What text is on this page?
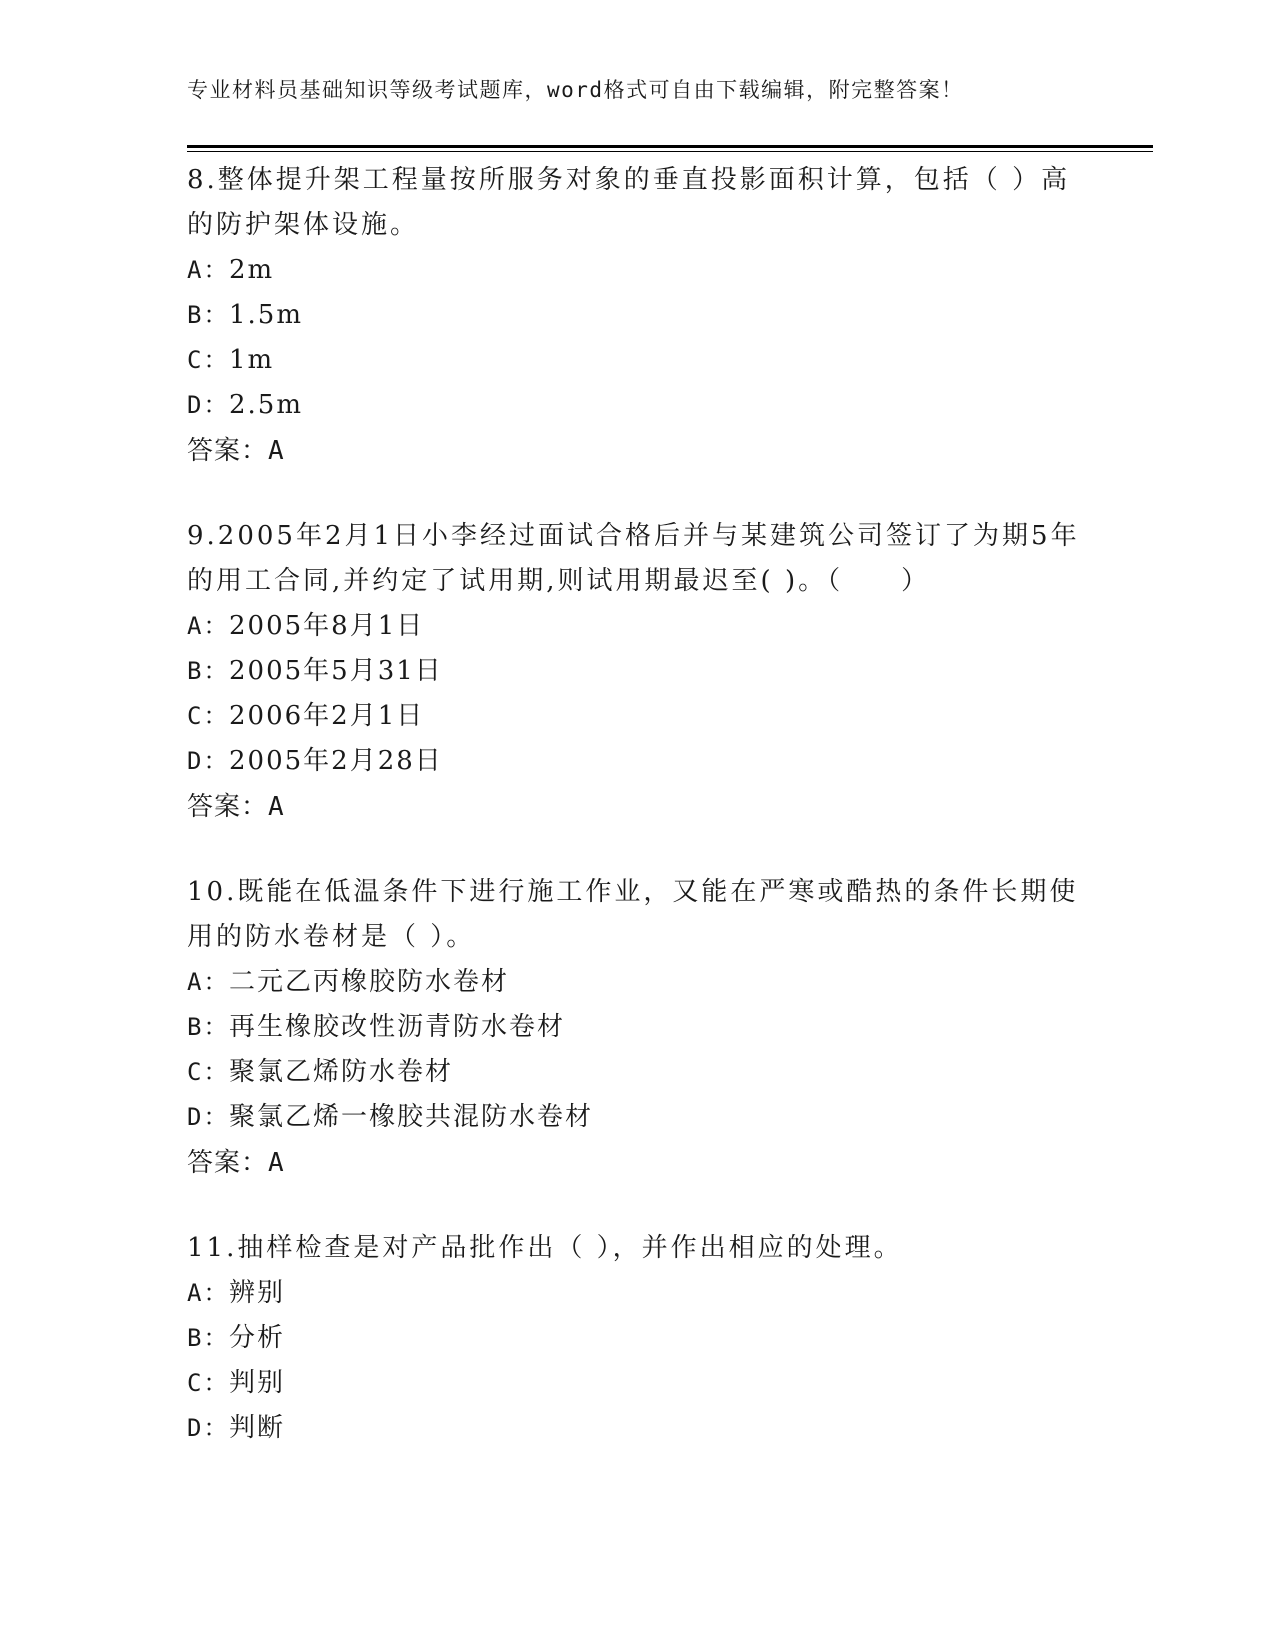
专业材料员基础知识等级考试题库，word格式可自由下载编辑，附完整答案！
8.整体提升架工程量按所服务对象的垂直投影面积计算，包括（ ）高的防护架体设施。
A：2m
B：1.5m
C：1m
D：2.5m
答案：A
9.2005年2月1日小李经过面试合格后并与某建筑公司签订了为期5年的用工合同,并约定了试用期,则试用期最迟至( )。（　　）
A：2005年8月1日
B：2005年5月31日
C：2006年2月1日
D：2005年2月28日
答案：A
10.既能在低温条件下进行施工作业，又能在严寒或酷热的条件长期使用的防水卷材是（ ）。
A：二元乙丙橡胶防水卷材
B：再生橡胶改性沥青防水卷材
C：聚氯乙烯防水卷材
D：聚氯乙烯一橡胶共混防水卷材
答案：A
11.抽样检查是对产品批作出（ ），并作出相应的处理。
A：辨别
B：分析
C：判别
D：判断
